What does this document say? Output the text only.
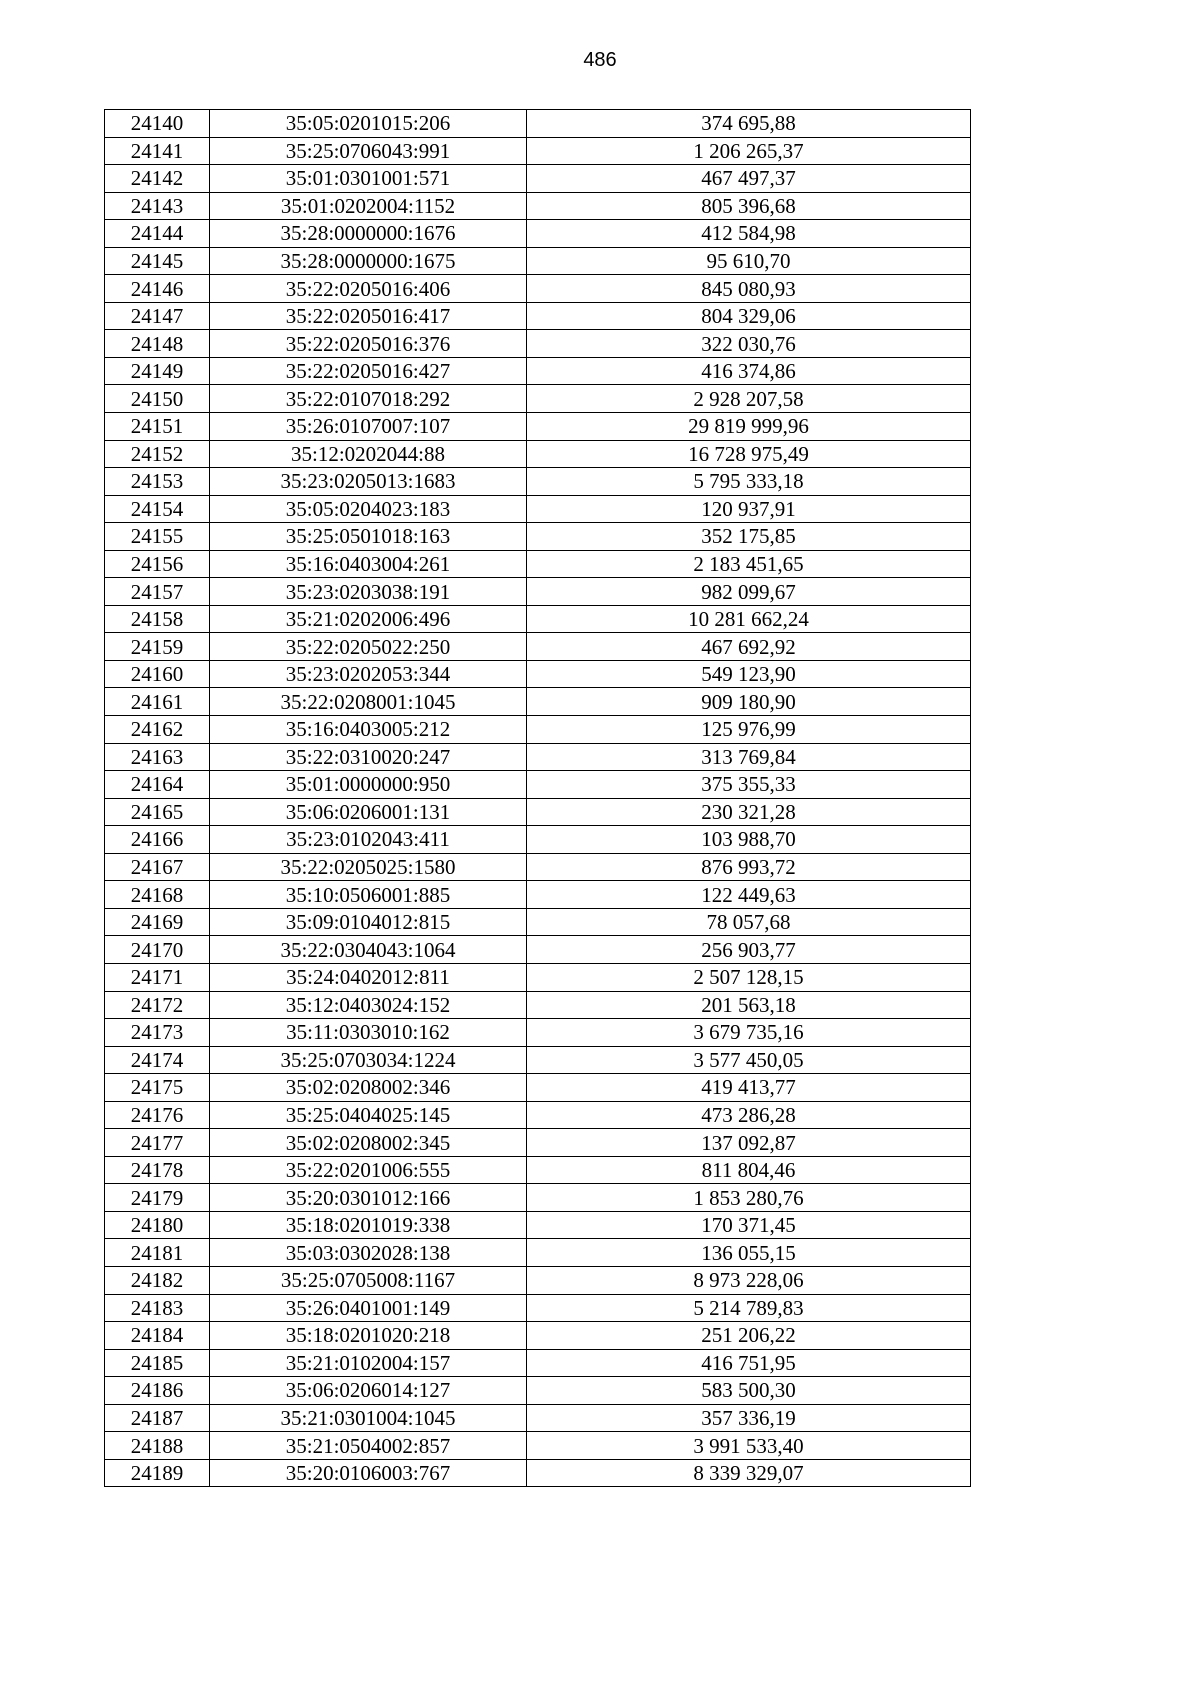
486
24140	35:05:0201015:206	374 695,88
24141	35:25:0706043:991	1 206 265,37
24142	35:01:0301001:571	467 497,37
24143	35:01:0202004:1152	805 396,68
24144	35:28:0000000:1676	412 584,98
24145	35:28:0000000:1675	95 610,70
24146	35:22:0205016:406	845 080,93
24147	35:22:0205016:417	804 329,06
24148	35:22:0205016:376	322 030,76
24149	35:22:0205016:427	416 374,86
24150	35:22:0107018:292	2 928 207,58
24151	35:26:0107007:107	29 819 999,96
24152	35:12:0202044:88	16 728 975,49
24153	35:23:0205013:1683	5 795 333,18
24154	35:05:0204023:183	120 937,91
24155	35:25:0501018:163	352 175,85
24156	35:16:0403004:261	2 183 451,65
24157	35:23:0203038:191	982 099,67
24158	35:21:0202006:496	10 281 662,24
24159	35:22:0205022:250	467 692,92
24160	35:23:0202053:344	549 123,90
24161	35:22:0208001:1045	909 180,90
24162	35:16:0403005:212	125 976,99
24163	35:22:0310020:247	313 769,84
24164	35:01:0000000:950	375 355,33
24165	35:06:0206001:131	230 321,28
24166	35:23:0102043:411	103 988,70
24167	35:22:0205025:1580	876 993,72
24168	35:10:0506001:885	122 449,63
24169	35:09:0104012:815	78 057,68
24170	35:22:0304043:1064	256 903,77
24171	35:24:0402012:811	2 507 128,15
24172	35:12:0403024:152	201 563,18
24173	35:11:0303010:162	3 679 735,16
24174	35:25:0703034:1224	3 577 450,05
24175	35:02:0208002:346	419 413,77
24176	35:25:0404025:145	473 286,28
24177	35:02:0208002:345	137 092,87
24178	35:22:0201006:555	811 804,46
24179	35:20:0301012:166	1 853 280,76
24180	35:18:0201019:338	170 371,45
24181	35:03:0302028:138	136 055,15
24182	35:25:0705008:1167	8 973 228,06
24183	35:26:0401001:149	5 214 789,83
24184	35:18:0201020:218	251 206,22
24185	35:21:0102004:157	416 751,95
24186	35:06:0206014:127	583 500,30
24187	35:21:0301004:1045	357 336,19
24188	35:21:0504002:857	3 991 533,40
24189	35:20:0106003:767	8 339 329,07
